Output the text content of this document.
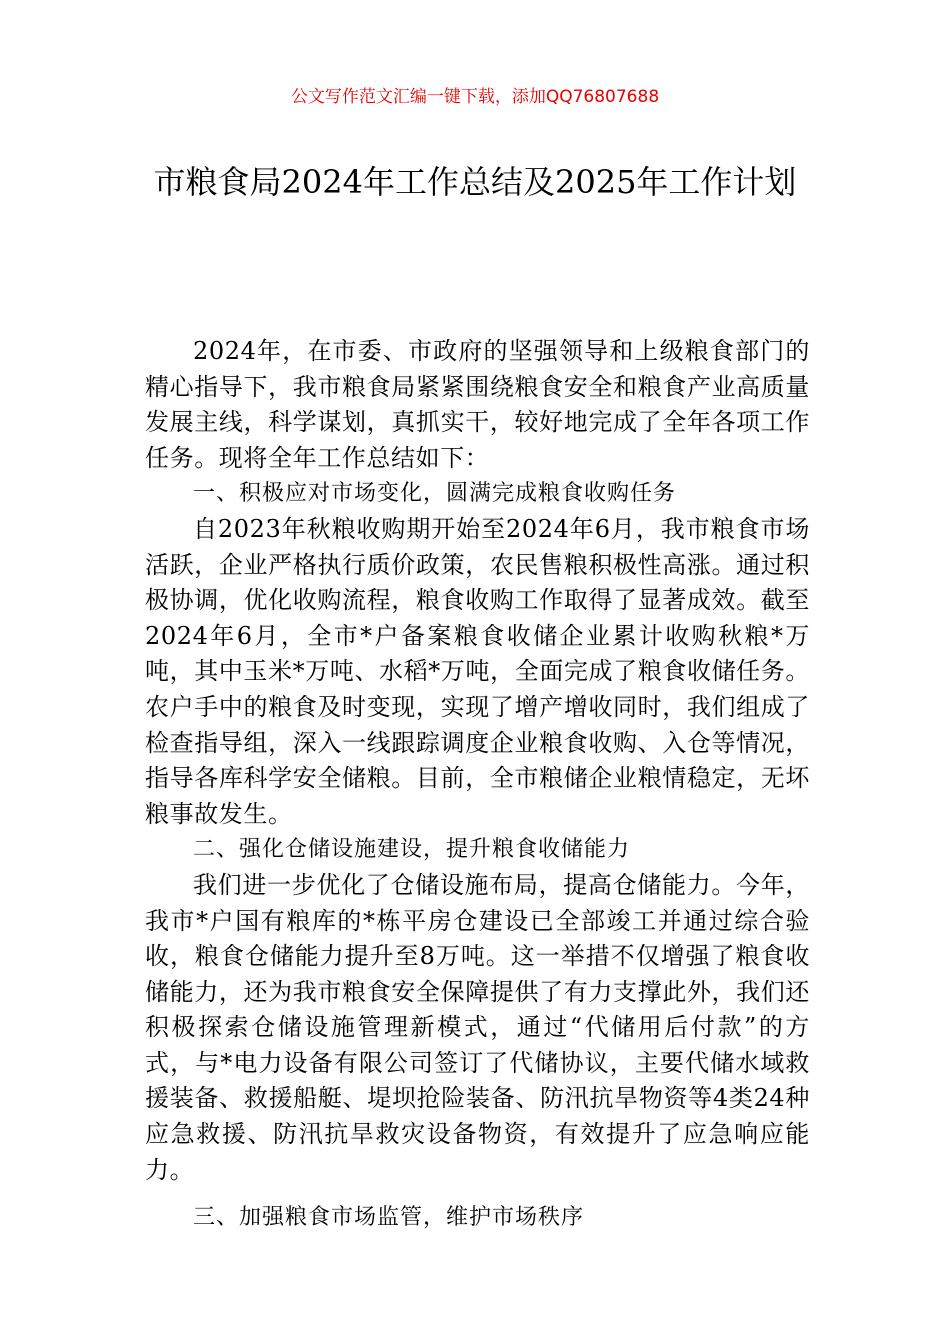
公文写作范文汇编一键下载，添加QQ76807688
市粮食局2024年工作总结及2025年工作计划

2024年，在市委、市政府的坚强领导和上级粮食部门的精心指导下，我市粮食局紧紧围绕粮食安全和粮食产业高质量发展主线，科学谋划，真抓实干，较好地完成了全年各项工作任务。现将全年工作总结如下：

一、积极应对市场变化，圆满完成粮食收购任务

自2023年秋粮收购期开始至2024年6月，我市粮食市场活跃，企业严格执行质价政策，农民售粮积极性高涨。通过积极协调，优化收购流程，粮食收购工作取得了显著成效。截至2024年6月，全市*户备案粮食收储企业累计收购秋粮*万吨，其中玉米*万吨、水稻*万吨，全面完成了粮食收储任务。农户手中的粮食及时变现，实现了增产增收同时，我们组成了检查指导组，深入一线跟踪调度企业粮食收购、入仓等情况，指导各库科学安全储粮。目前，全市粮储企业粮情稳定，无坏粮事故发生。

二、强化仓储设施建设，提升粮食收储能力

我们进一步优化了仓储设施布局，提高仓储能力。今年，我市*户国有粮库的*栋平房仓建设已全部竣工并通过综合验收，粮食仓储能力提升至8万吨。这一举措不仅增强了粮食收储能力，还为我市粮食安全保障提供了有力支撑此外，我们还积极探索仓储设施管理新模式，通过“代储用后付款”的方式，与*电力设备有限公司签订了代储协议，主要代储水域救援装备、救援船艇、堤坝抢险装备、防汛抗旱物资等4类24种应急救援、防汛抗旱救灾设备物资，有效提升了应急响应能力。

三、加强粮食市场监管，维护市场秩序
